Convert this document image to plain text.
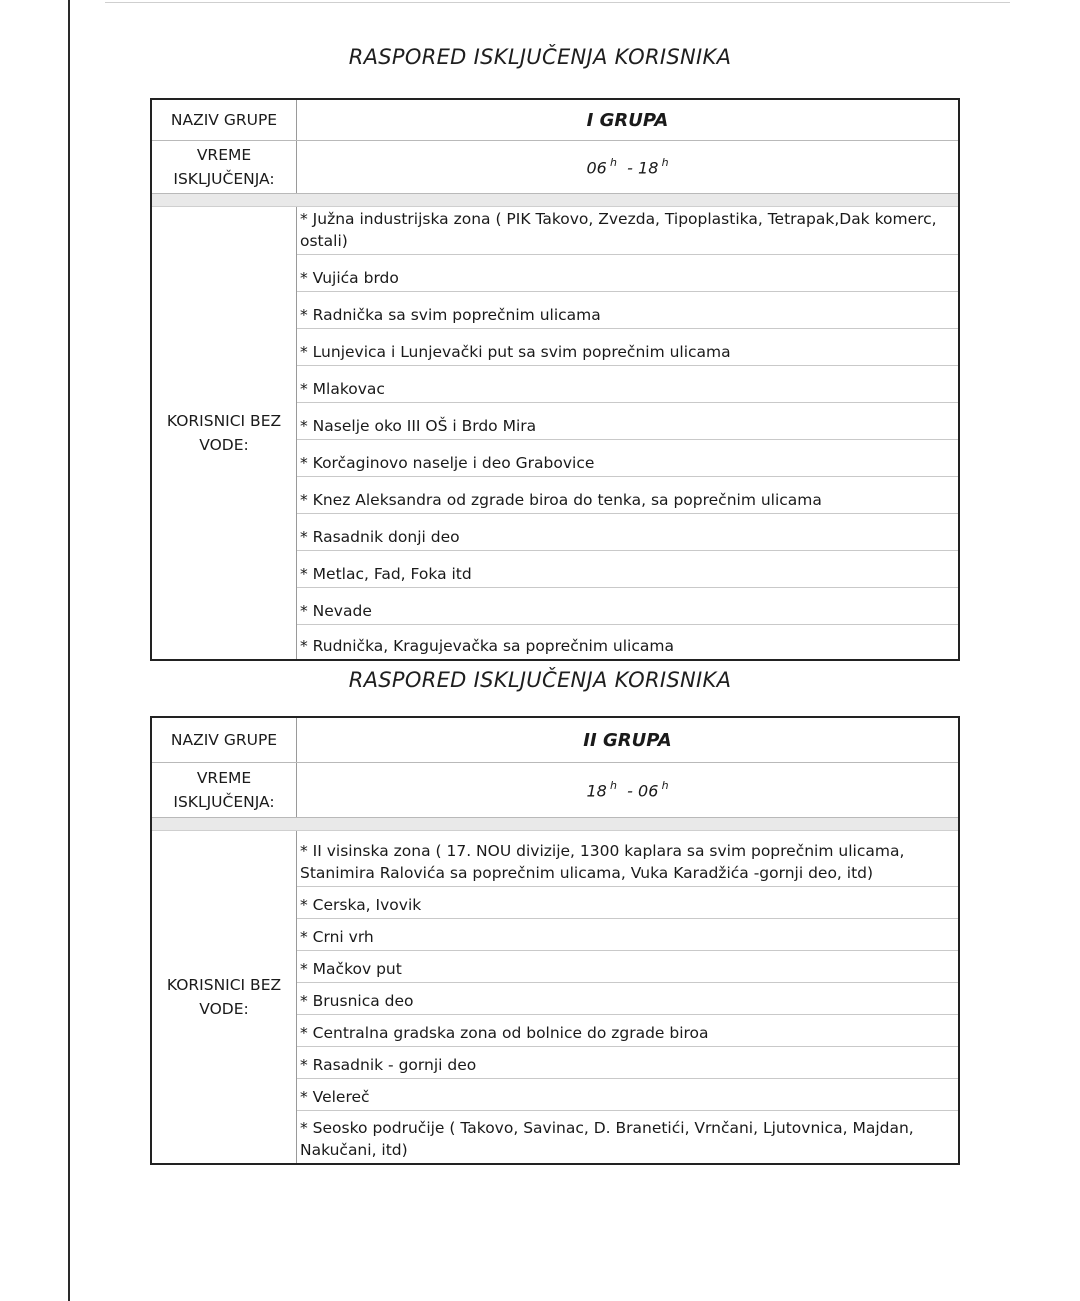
RASPORED ISKLJUČENJA KORISNIKA
NAZIV GRUPE	I GRUPA
VREME ISKLJUČENJA:
06  $^h$  - 18  $^h$
KORISNICI BEZ VODE:
* Južna industrijska zona ( PIK Takovo, Zvezda, Tipoplastika, Tetrapak,Dak komerc, ostali)
* Vujića brdo
* Radnička sa svim poprečnim ulicama
* Lunjevica i Lunjevački put sa svim poprečnim ulicama
* Mlakovac
* Naselje oko III OŠ i Brdo Mira
* Korčaginovo naselje i deo Grabovice
* Knez Aleksandra od zgrade biroa do tenka, sa poprečnim ulicama
* Rasadnik donji deo
* Metlac, Fad, Foka itd
* Nevade
* Rudnička, Kragujevačka sa poprečnim ulicama
RASPORED ISKLJUČENJA KORISNIKA
NAZIV GRUPE	II GRUPA
VREME ISKLJUČENJA:
18  $^h$  - 06  $^h$
KORISNICI BEZ VODE:
* II visinska zona ( 17. NOU divizije, 1300 kaplara sa svim poprečnim ulicama, Stanimira Ralovića sa poprečnim ulicama, Vuka Karadžića -gornji deo, itd)
* Cerska, Ivovik
* Crni vrh
* Mačkov put
* Brusnica deo
* Centralna gradska zona od bolnice do zgrade biroa
* Rasadnik - gornji deo
* Velereč
* Seosko područije ( Takovo, Savinac, D. Branetići, Vrnčani, Ljutovnica, Majdan, Nakučani, itd)
